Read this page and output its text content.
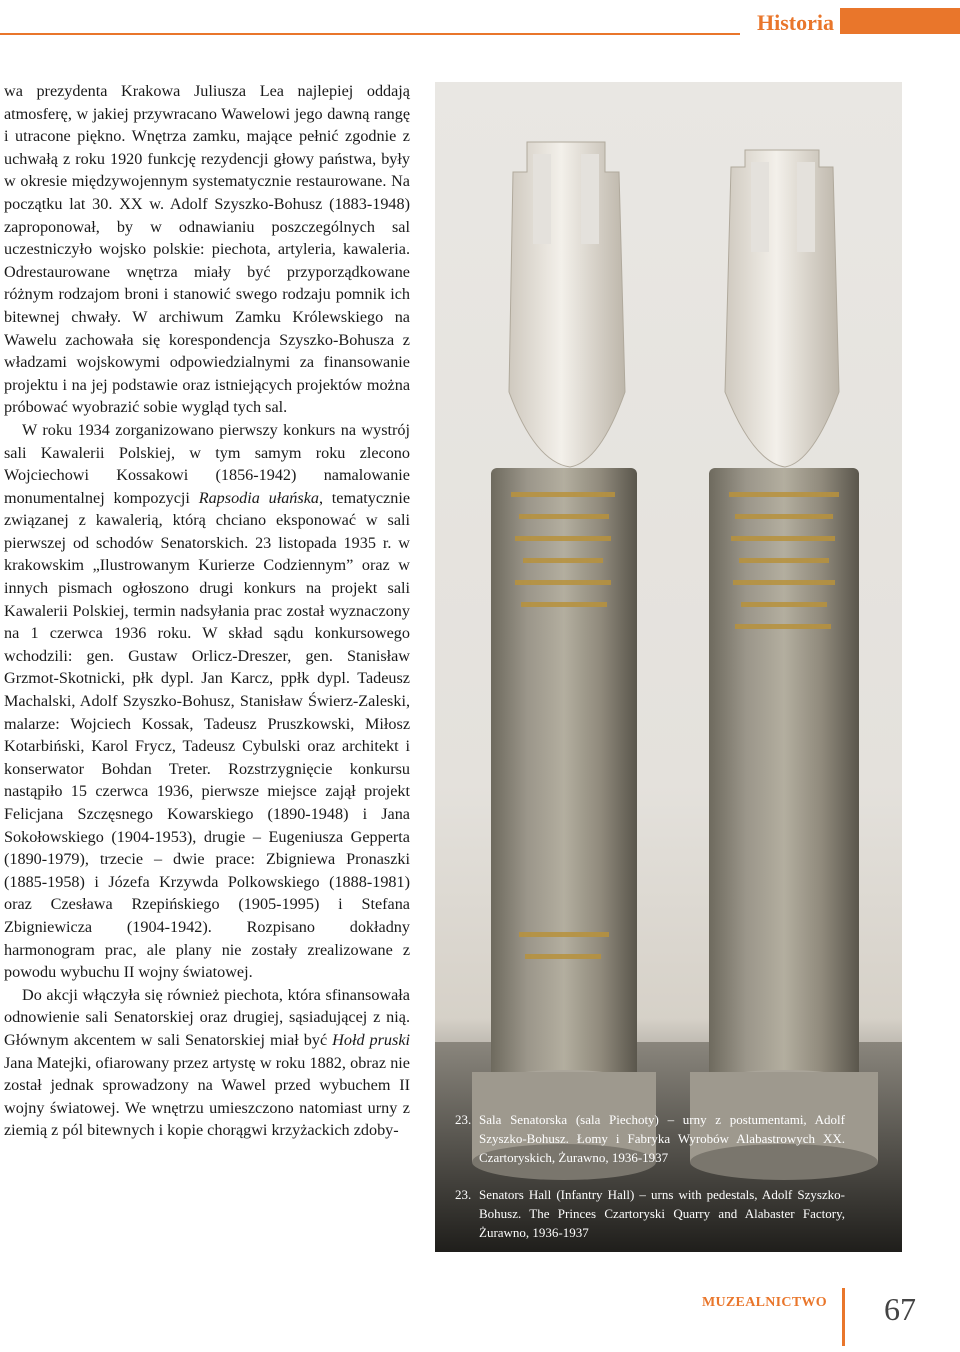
Historia

wa prezydenta Krakowa Juliusza Lea najlepiej oddają atmosferę, w jakiej przywracano Wawelowi jego dawną rangę i utracone piękno. Wnętrza zamku, mające pełnić zgodnie z uchwałą z roku 1920 funkcję rezydencji głowy państwa, były w okresie międzywojennym systematycznie restaurowane. Na początku lat 30. XX w. Adolf Szyszko-Bohusz (1883-1948) zaproponował, by w odnawianiu poszczególnych sal uczestniczyło wojsko polskie: piechota, artyleria, kawaleria. Odrestaurowane wnętrza miały być przyporządkowane różnym rodzajom broni i stanowić swego rodzaju pomnik ich bitewnej chwały. W archiwum Zamku Królewskiego na Wawelu zachowała się korespondencja Szyszko-Bohusza z władzami wojskowymi odpowiedzialnymi za finansowanie projektu i na jej podstawie oraz istniejących projektów można próbować wyobrazić sobie wygląd tych sal.

W roku 1934 zorganizowano pierwszy konkurs na wystrój sali Kawalerii Polskiej, w tym samym roku zlecono Wojciechowi Kossakowi (1856-1942) namalowanie monumentalnej kompozycji Rapsodia ułańska, tematycznie związanej z kawalerią, którą chciano eksponować w sali pierwszej od schodów Senatorskich. 23 listopada 1935 r. w krakowskim „Ilustrowanym Kurierze Codziennym” oraz w innych pismach ogłoszono drugi konkurs na projekt sali Kawalerii Polskiej, termin nadsyłania prac został wyznaczony na 1 czerwca 1936 roku. W skład sądu konkursowego wchodzili: gen. Gustaw Orlicz-Dreszer, gen. Stanisław Grzmot-Skotnicki, płk dypl. Jan Karcz, ppłk dypl. Tadeusz Machalski, Adolf Szyszko-Bohusz, Stanisław Świerz-Zaleski, malarze: Wojciech Kossak, Tadeusz Pruszkowski, Miłosz Kotarbiński, Karol Frycz, Tadeusz Cybulski oraz architekt i konserwator Bohdan Treter. Rozstrzygnięcie konkursu nastąpiło 15 czerwca 1936, pierwsze miejsce zajął projekt Felicjana Szczęsnego Kowarskiego (1890-1948) i Jana Sokołowskiego (1904-1953), drugie – Eugeniusza Gepperta (1890-1979), trzecie – dwie prace: Zbigniewa Pronaszki (1885-1958) i Józefa Krzywda Polkowskiego (1888-1981) oraz Czesława Rzepińskiego (1905-1995) i Stefana Zbigniewicza (1904-1942). Rozpisano dokładny harmonogram prac, ale plany nie zostały zrealizowane z powodu wybuchu II wojny światowej.

Do akcji włączyła się również piechota, która sfinansowała odnowienie sali Senatorskiej oraz drugiej, sąsiadującej z nią. Głównym akcentem w sali Senatorskiej miał być Hołd pruski Jana Matejki, ofiarowany przez artystę w roku 1882, obraz nie został jednak sprowadzony na Wawel przed wybuchem II wojny światowej. We wnętrzu umieszczono natomiast urny z ziemią z pól bitewnych i kopie chorągwi krzyżackich zdoby-

23. Sala Senatorska (sala Piechoty) – urny z postumentami, Adolf Szyszko-Bohusz. Łomy i Fabryka Wyrobów Alabastrowych XX. Czartoryskich, Żurawno, 1936-1937
23. Senators Hall (Infantry Hall) – urns with pedestals, Adolf Szyszko-Bohusz. The Princes Czartoryski Quarry and Alabaster Factory, Żurawno, 1936-1937
MUZEALNICTWO 67
